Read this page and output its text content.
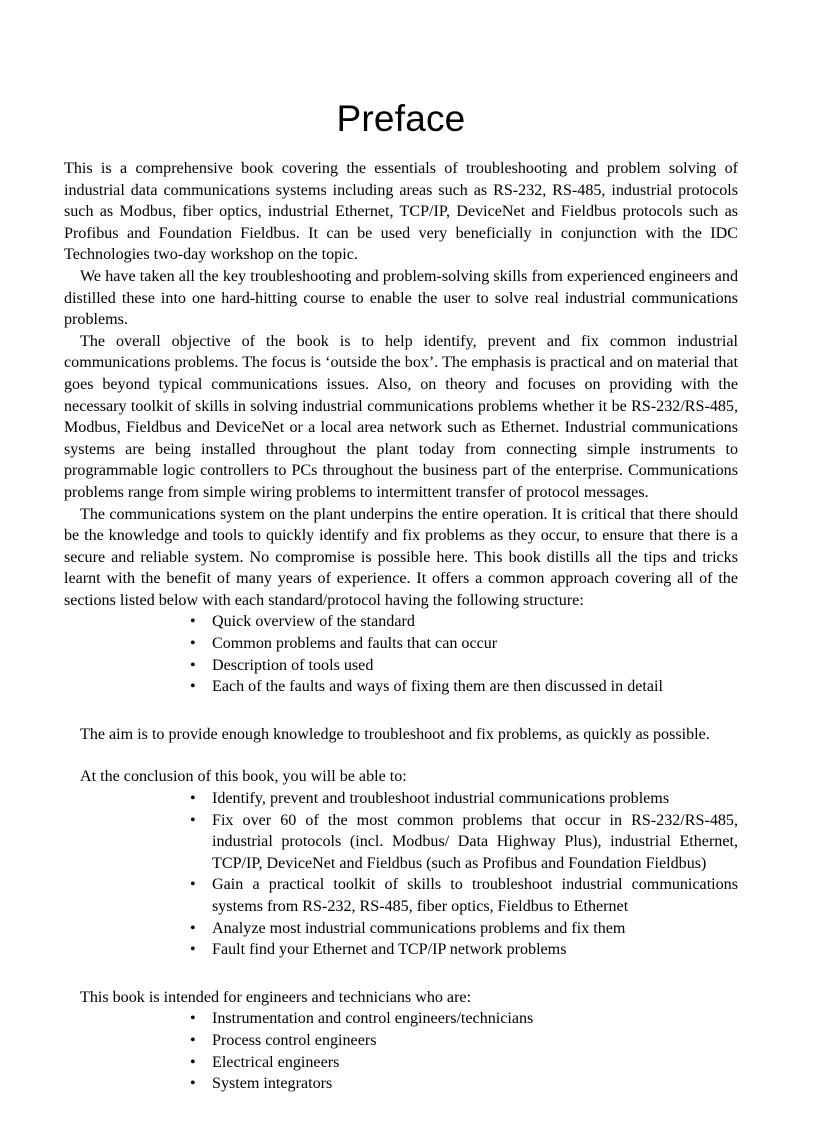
Preface

This is a comprehensive book covering the essentials of troubleshooting and problem solving of industrial data communications systems including areas such as RS-232, RS-485, industrial protocols such as Modbus, fiber optics, industrial Ethernet, TCP/IP, DeviceNet and Fieldbus protocols such as Profibus and Foundation Fieldbus. It can be used very beneficially in conjunction with the IDC Technologies two-day workshop on the topic.

We have taken all the key troubleshooting and problem-solving skills from experienced engineers and distilled these into one hard-hitting course to enable the user to solve real industrial communications problems.

The overall objective of the book is to help identify, prevent and fix common industrial communications problems. The focus is ‘outside the box’. The emphasis is practical and on material that goes beyond typical communications issues. Also, on theory and focuses on providing with the necessary toolkit of skills in solving industrial communications problems whether it be RS-232/RS-485, Modbus, Fieldbus and DeviceNet or a local area network such as Ethernet. Industrial communications systems are being installed throughout the plant today from connecting simple instruments to programmable logic controllers to PCs throughout the business part of the enterprise. Communications problems range from simple wiring problems to intermittent transfer of protocol messages.

The communications system on the plant underpins the entire operation. It is critical that there should be the knowledge and tools to quickly identify and fix problems as they occur, to ensure that there is a secure and reliable system. No compromise is possible here. This book distills all the tips and tricks learnt with the benefit of many years of experience. It offers a common approach covering all of the sections listed below with each standard/protocol having the following structure:

• Quick overview of the standard
• Common problems and faults that can occur
• Description of tools used
• Each of the faults and ways of fixing them are then discussed in detail

The aim is to provide enough knowledge to troubleshoot and fix problems, as quickly as possible.

At the conclusion of this book, you will be able to:

• Identify, prevent and troubleshoot industrial communications problems
• Fix over 60 of the most common problems that occur in RS-232/RS-485, industrial protocols (incl. Modbus/ Data Highway Plus), industrial Ethernet, TCP/IP, DeviceNet and Fieldbus (such as Profibus and Foundation Fieldbus)
• Gain a practical toolkit of skills to troubleshoot industrial communications systems from RS-232, RS-485, fiber optics, Fieldbus to Ethernet
• Analyze most industrial communications problems and fix them
• Fault find your Ethernet and TCP/IP network problems

This book is intended for engineers and technicians who are:

• Instrumentation and control engineers/technicians
• Process control engineers
• Electrical engineers
• System integrators
